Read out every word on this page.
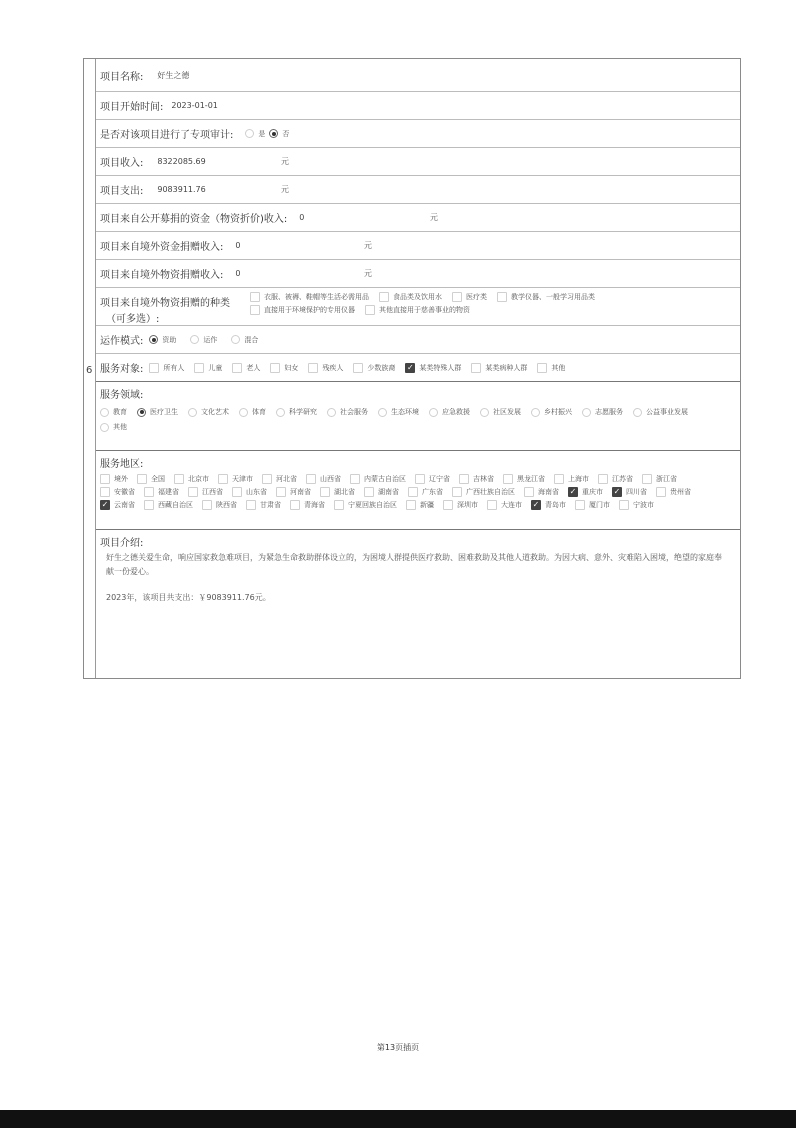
6
项目名称: 好生之德
项目开始时间: 2023-01-01
是否对该项目进行了专项审计:	是 否
项目收入: 8322085.69	元
项目支出: 9083911.76	元
项目来自公开募捐的资金（物资折价)收入: 0	元
项目来自境外资金捐赠收入: 0	元
项目来自境外物资捐赠收入: 0	元
项目来自境外物资捐赠的种类
（可多选）:
衣服、被褥、鞋帽等生活必需用品	食品类及饮用水	医疗类	教学仪器、一般学习用品类
直接用于环境保护的专用仪器	其他直接用于慈善事业的物资
运作模式:	资助	运作	混合
服务对象:	所有人	儿童	老人	妇女	残疾人	少数族裔 ✓ 某类特殊人群	某类病种人群	其他
服务领域:
教育	医疗卫生	文化艺术	体育	科学研究	社会服务	生态环境	应急救援	社区发展	乡村振兴	志愿服务	公益事业发展
其他
服务地区:
境外	全国	北京市	天津市	河北省	山西省	内蒙古自治区	辽宁省	吉林省	黑龙江省	上海市	江苏省	浙江省
安徽省	福建省	江西省	山东省	河南省	湖北省	湖南省	广东省	广西壮族自治区	海南省 ✓ 重庆市 ✓ 四川省	贵州省
✓ 云南省	西藏自治区	陕西省	甘肃省	青海省	宁夏回族自治区	新疆	深圳市	大连市 ✓ 青岛市	厦门市	宁波市
项目介绍:
好生之德关爱生命，响应国家救急难项目，为紧急生命救助群体设立的，为困境人群提供医疗救助、困难救助及其他人道救助。为因大病、意外、灾难陷入困境，绝望的家庭奉献一份爱心。
2023年，该项目共支出：￥9083911.76元。
第13页插页
